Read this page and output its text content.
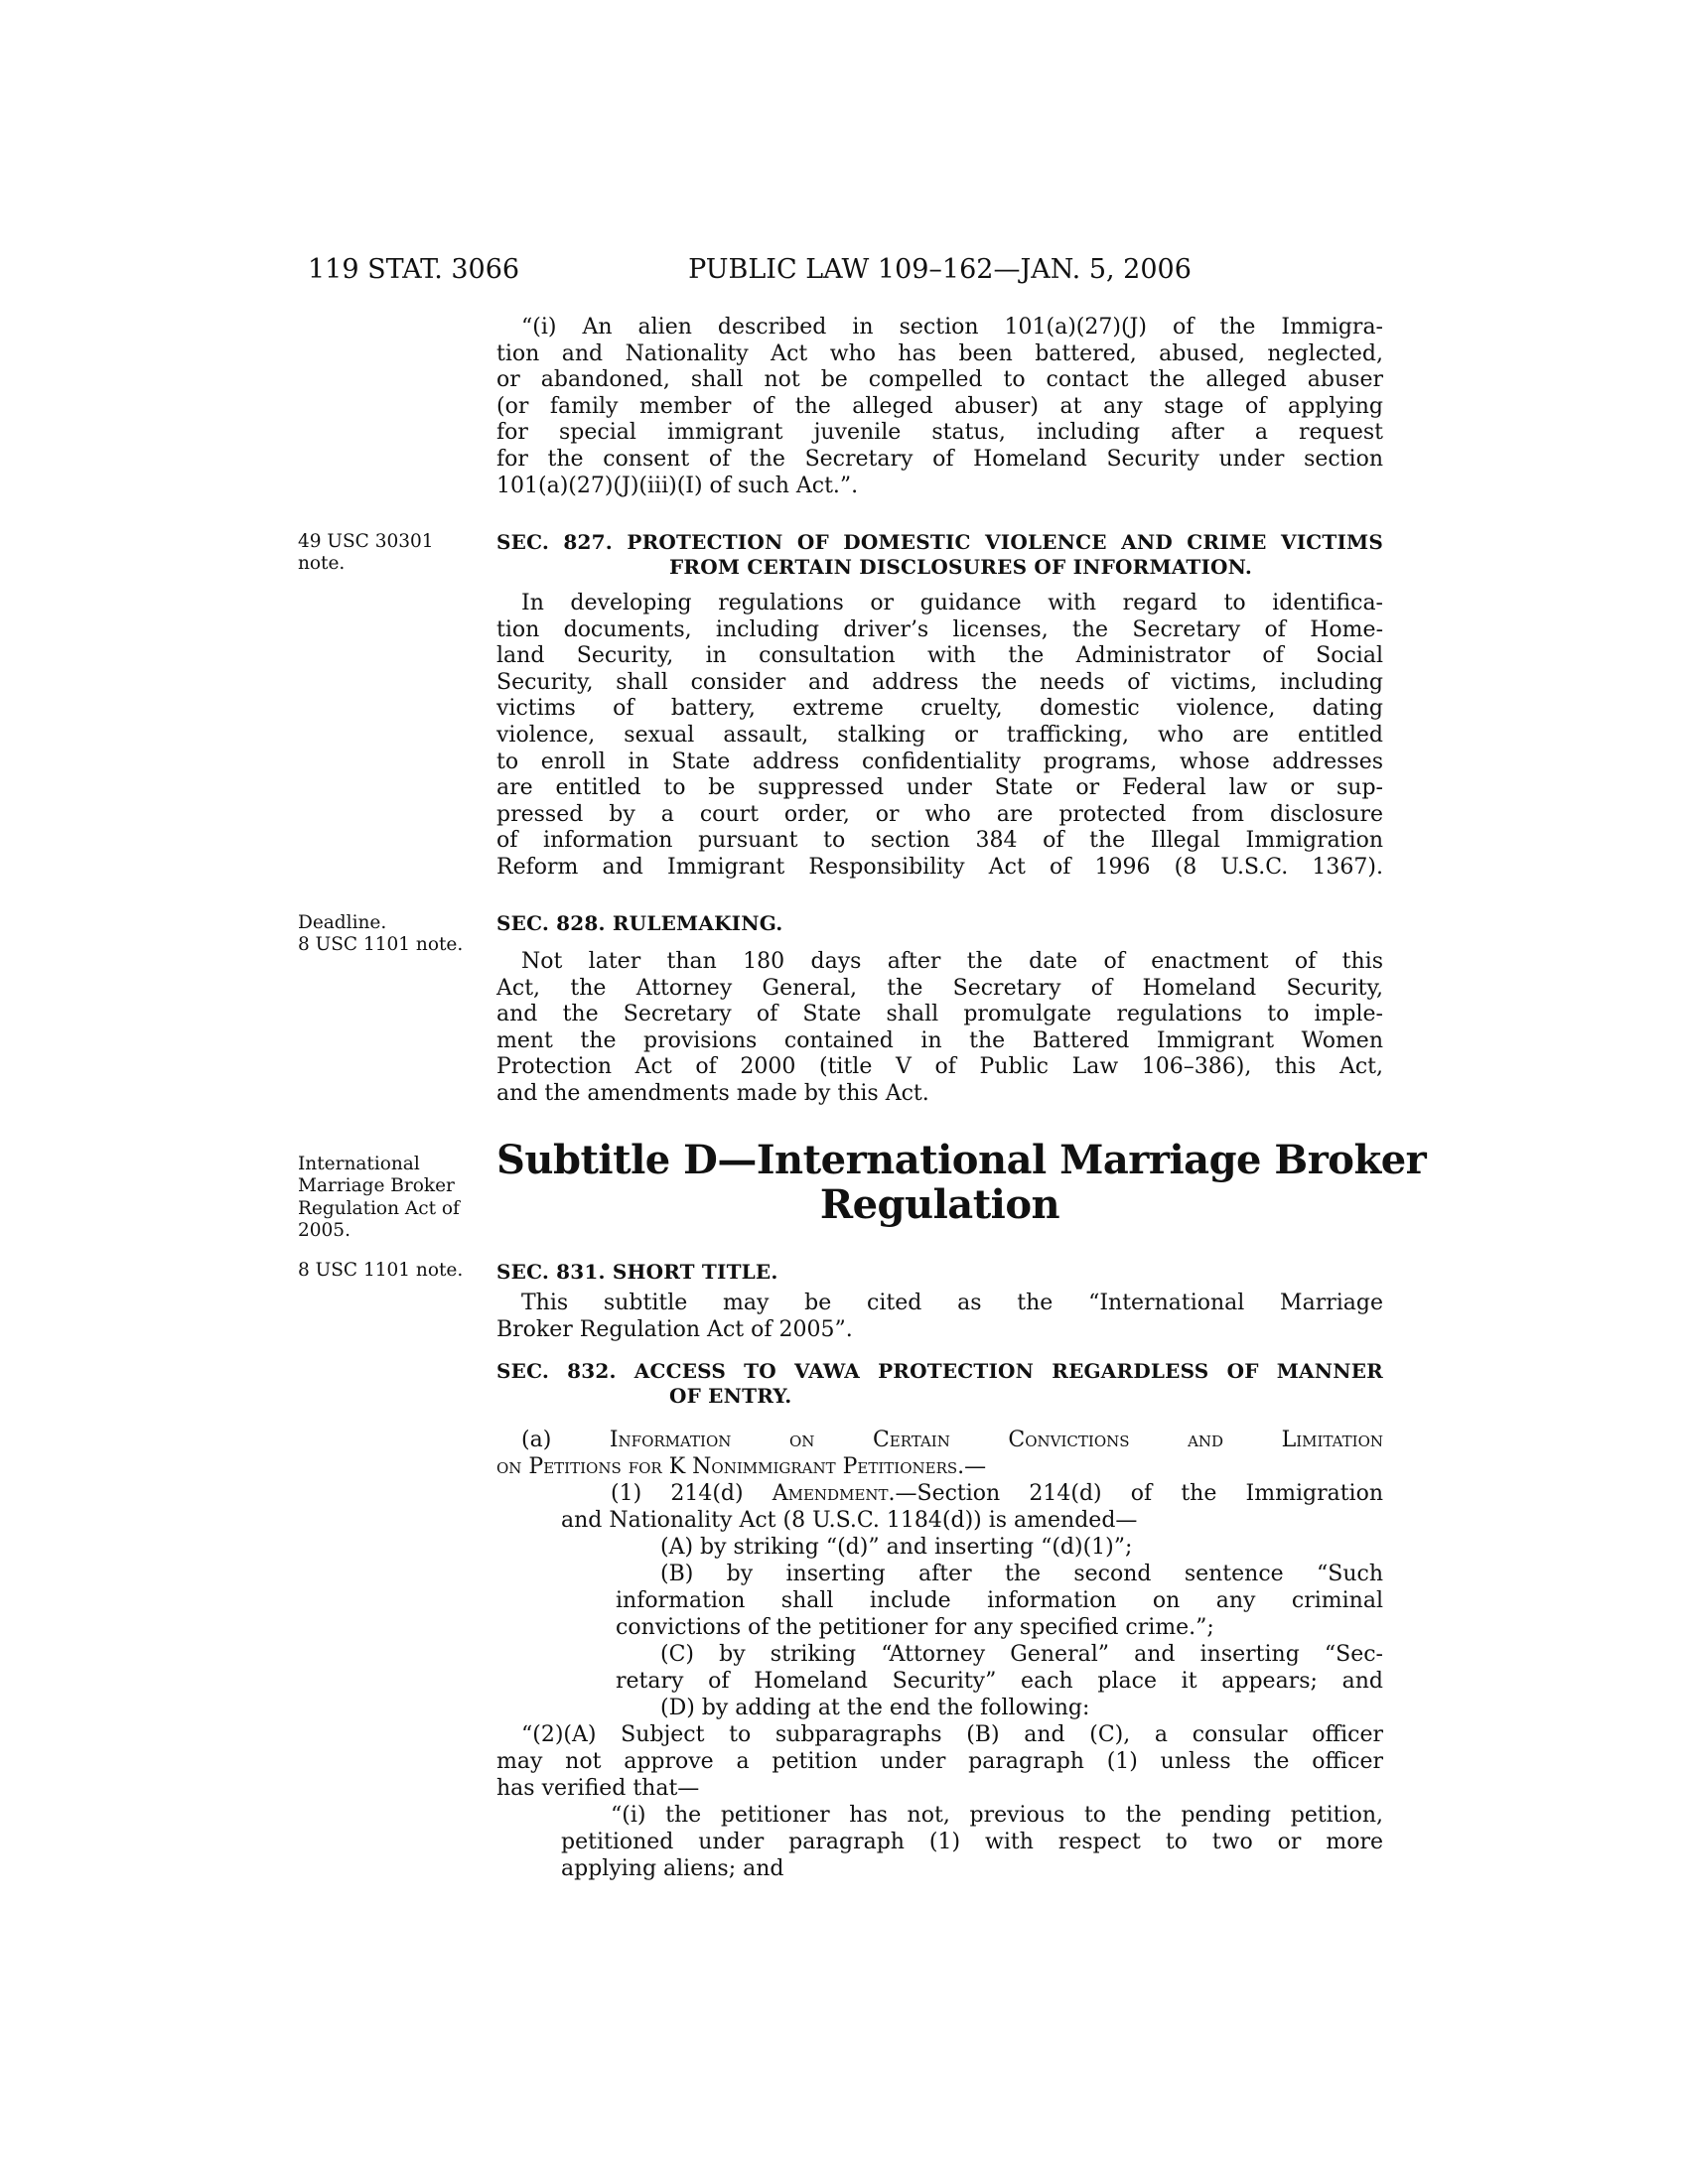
119 STAT. 3066	PUBLIC LAW 109–162—JAN. 5, 2006
49 USC 30301
note.
Deadline.
8 USC 1101 note.
International
Marriage Broker
Regulation Act of
2005.
8 USC 1101 note.
“(i) An alien described in section 101(a)(27)(J) of the Immigra-
tion and Nationality Act who has been battered, abused, neglected,
or abandoned, shall not be compelled to contact the alleged abuser
(or family member of the alleged abuser) at any stage of applying
for special immigrant juvenile status, including after a request
for the consent of the Secretary of Homeland Security under section
101(a)(27)(J)(iii)(I) of such Act.”.
SEC. 827. PROTECTION OF DOMESTIC VIOLENCE AND CRIME VICTIMS
FROM CERTAIN DISCLOSURES OF INFORMATION.
In developing regulations or guidance with regard to identifica-
tion documents, including driver’s licenses, the Secretary of Home-
land Security, in consultation with the Administrator of Social
Security, shall consider and address the needs of victims, including
victims of battery, extreme cruelty, domestic violence, dating
violence, sexual assault, stalking or trafficking, who are entitled
to enroll in State address confidentiality programs, whose addresses
are entitled to be suppressed under State or Federal law or sup-
pressed by a court order, or who are protected from disclosure
of information pursuant to section 384 of the Illegal Immigration
Reform and Immigrant Responsibility Act of 1996 (8 U.S.C. 1367).
SEC. 828. RULEMAKING.
Not later than 180 days after the date of enactment of this
Act, the Attorney General, the Secretary of Homeland Security,
and the Secretary of State shall promulgate regulations to imple-
ment the provisions contained in the Battered Immigrant Women
Protection Act of 2000 (title V of Public Law 106–386), this Act,
and the amendments made by this Act.
Subtitle D—International Marriage Broker
Regulation
SEC. 831. SHORT TITLE.
This subtitle may be cited as the “International Marriage
Broker Regulation Act of 2005”.
SEC. 832. ACCESS TO VAWA PROTECTION REGARDLESS OF MANNER
OF ENTRY.
(a) Information on Certain Convictions and Limitation
on Petitions for K Nonimmigrant Petitioners.—
(1) 214(d) Amendment.—Section 214(d) of the Immigration
and Nationality Act (8 U.S.C. 1184(d)) is amended—
(A) by striking “(d)” and inserting “(d)(1)”;
(B) by inserting after the second sentence “Such
information shall include information on any criminal
convictions of the petitioner for any specified crime.”;
(C) by striking “Attorney General” and inserting “Sec-
retary of Homeland Security” each place it appears; and
(D) by adding at the end the following:
“(2)(A) Subject to subparagraphs (B) and (C), a consular officer
may not approve a petition under paragraph (1) unless the officer
has verified that—
“(i) the petitioner has not, previous to the pending petition,
petitioned under paragraph (1) with respect to two or more
applying aliens; and
